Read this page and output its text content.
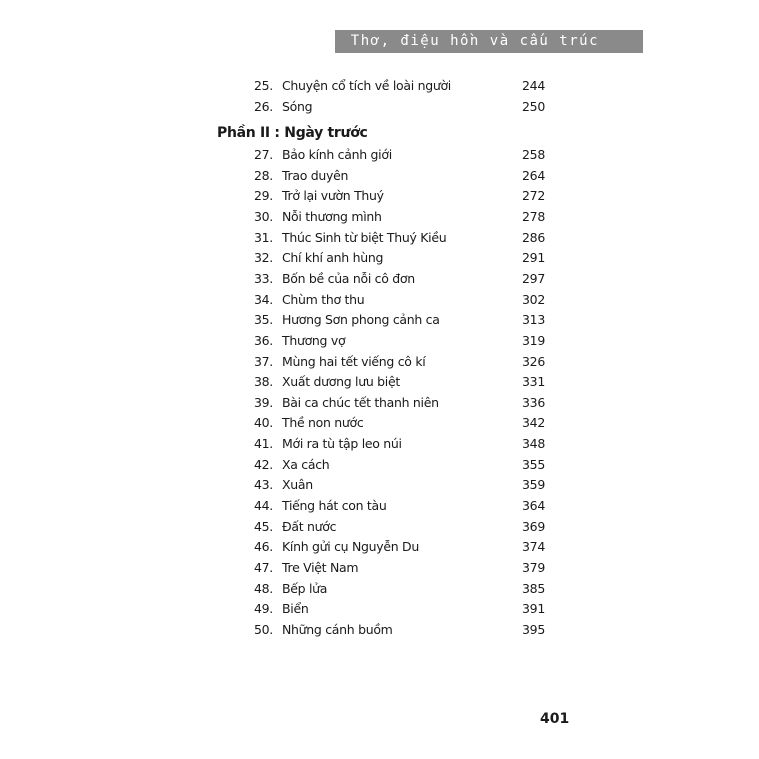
Thơ, điệu hồn và cấu trúc
25. Chuyện cổ tích về loài người	244
26. Sóng	250
Phần II : Ngày trước
27. Bảo kính cảnh giới	258
28. Trao duyên	264
29. Trở lại vườn Thuý	272
30. Nỗi thương mình	278
31. Thúc Sinh từ biệt Thuý Kiều	286
32. Chí khí anh hùng	291
33. Bốn bề của nỗi cô đơn	297
34. Chùm thơ thu	302
35. Hương Sơn phong cảnh ca	313
36. Thương vợ	319
37. Mùng hai tết viếng cô kí	326
38. Xuất dương lưu biệt	331
39. Bài ca chúc tết thanh niên	336
40. Thề non nước	342
41. Mới ra tù tập leo núi	348
42. Xa cách	355
43. Xuân	359
44. Tiếng hát con tàu	364
45. Đất nước	369
46. Kính gửi cụ Nguyễn Du	374
47. Tre Việt Nam	379
48. Bếp lửa	385
49. Biển	391
50. Những cánh buồm	395
401
